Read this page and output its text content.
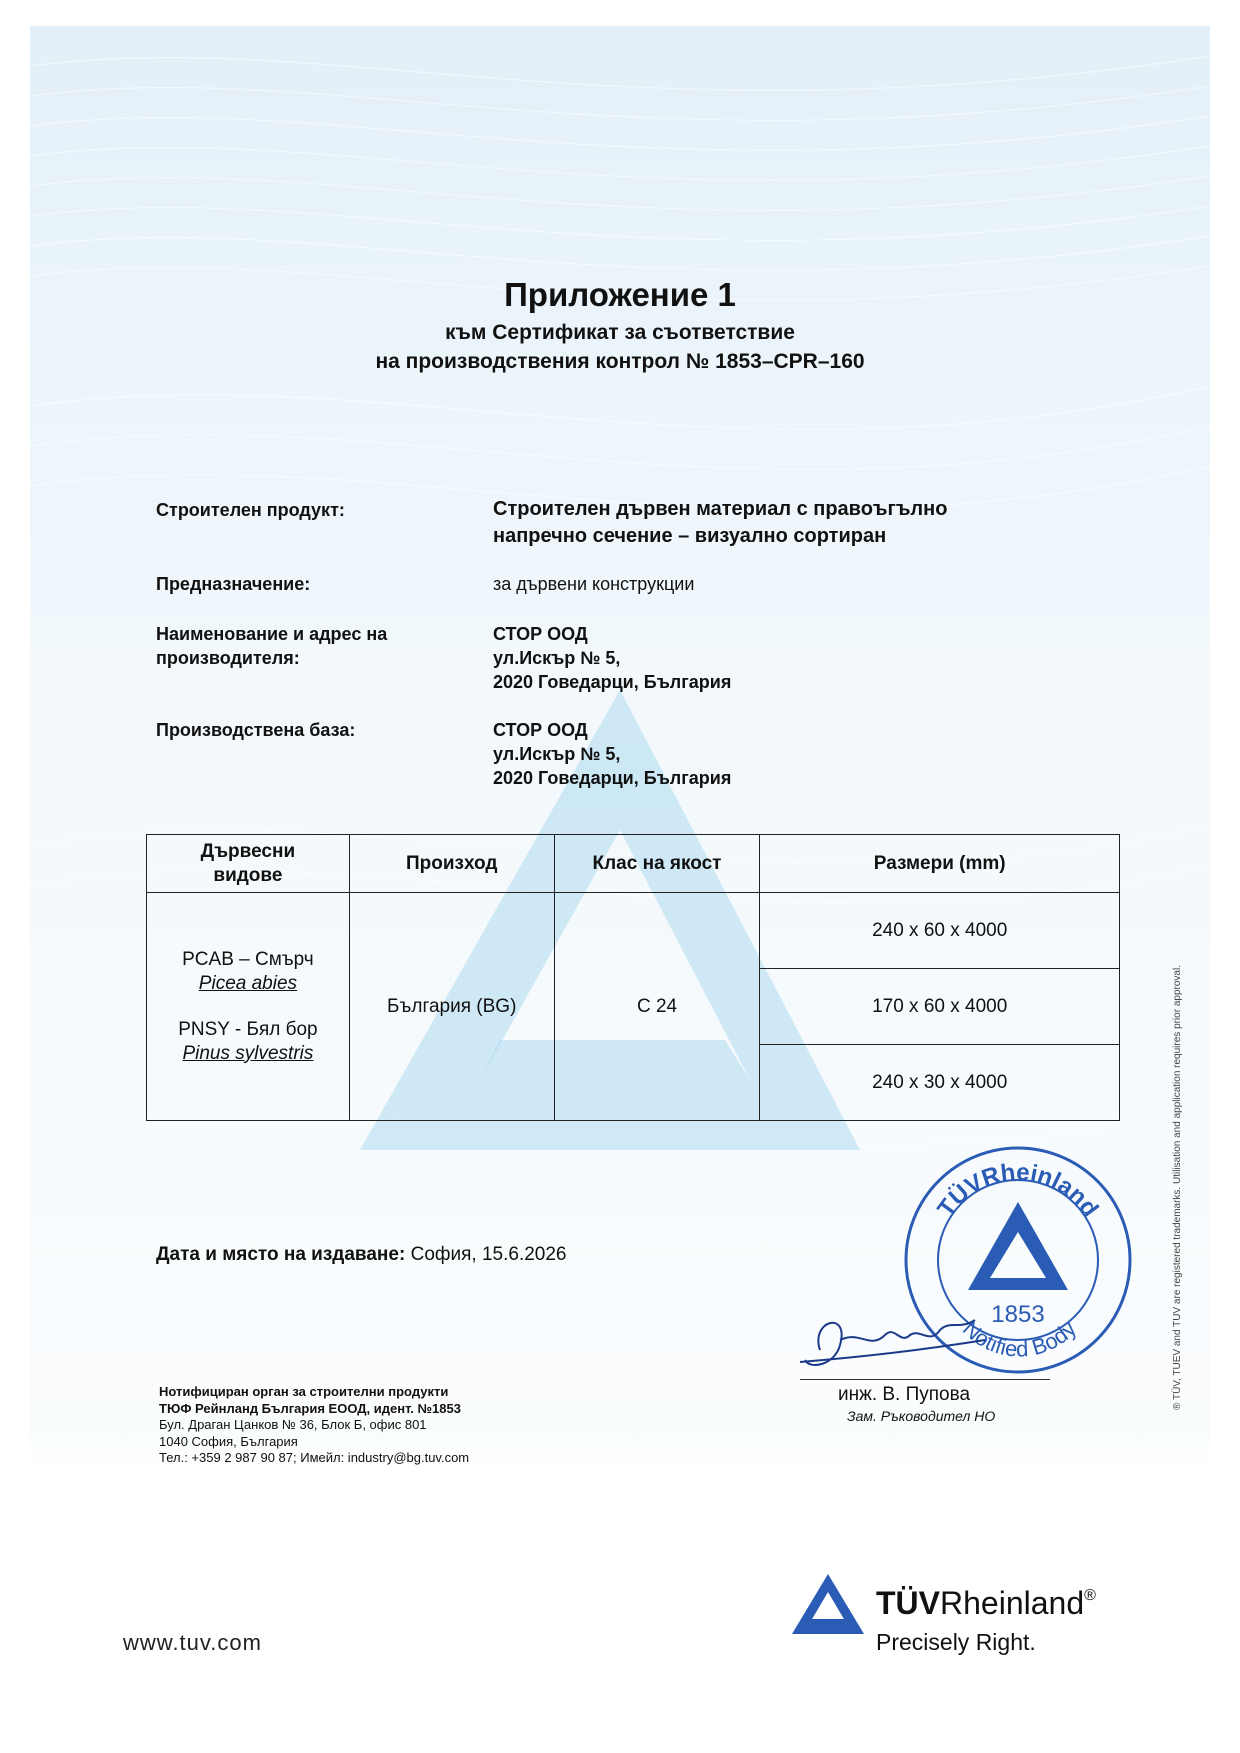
Приложение 1
към Сертификат за съответствие
на производствения контрол № 1853–CPR–160
Строителен продукт:	Строителен дървен материал с правоъгълно
напречно сечение – визуално сортиран
Предназначение:	за дървени конструкции
Наименование и адрес на
производителя:
СТОР ООД
ул.Искър № 5,
2020 Говедарци, България
Производствена база:	СТОР ООД
ул.Искър № 5,
2020 Говедарци, България
Дървесни
видове	Произход	Клас на якост	Размери (mm)

PCAB – Смърч
Picea abies
PNSY - Бял бор
Pinus sylvestris	България (BG)	C 24	240 x 60 x 4000
			170 x 60 x 4000
			240 x 30 x 4000
Дата и място на издаване: София, 15.6.2026
TÜVRheinland
1853
Notified Body
инж. В. Пупова
Зам. Ръководител НО
Нотифициран орган за строителни продукти
ТЮФ Рейнланд България ЕООД, идент. №1853
Бул. Драган Цанков № 36, Блок Б, офис 801
1040 София, България
Тел.: +359 2 987 90 87; Имейл: industry@bg.tuv.com
® TÜV, TUEV and TUV are registered trademarks. Utilisation and application requires prior approval.
www.tuv.com
TÜVRheinland®
Precisely Right.
